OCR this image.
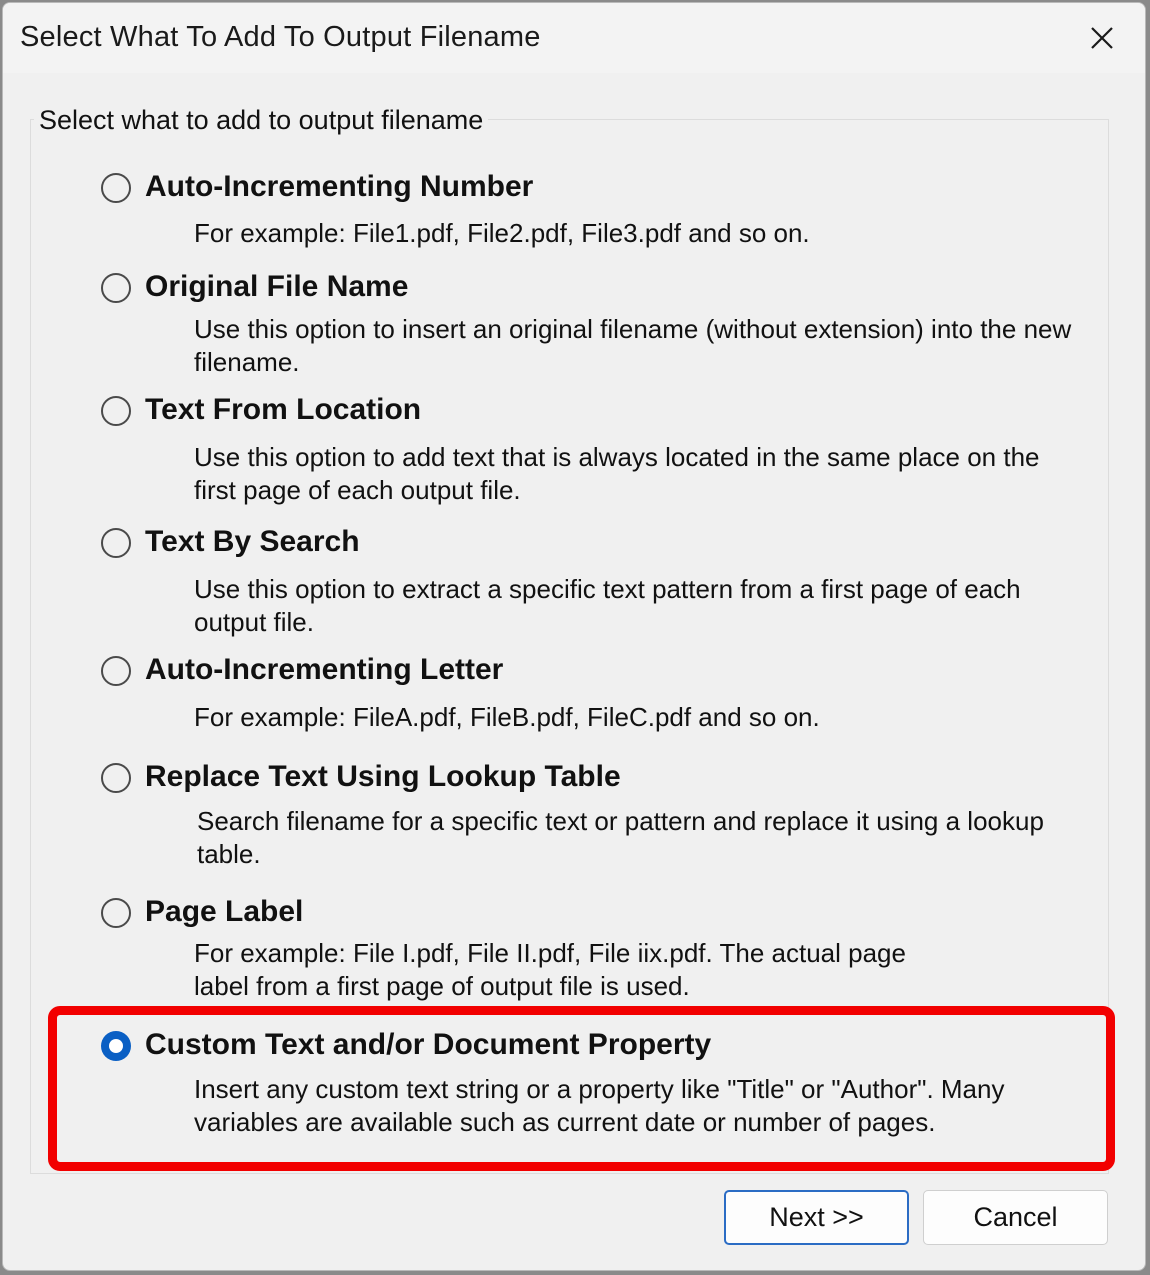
Select What To Add To Output Filename
Select what to add to output filename
Auto-Incrementing Number
For example: File1.pdf, File2.pdf, File3.pdf and so on.
Original File Name
Use this option to insert an original filename (without extension) into the new filename.
Text From Location
Use this option to add text that is always located in the same place on the first page of each output file.
Text By Search
Use this option to extract a specific text pattern from a first page of each output file.
Auto-Incrementing Letter
For example: FileA.pdf, FileB.pdf, FileC.pdf and so on.
Replace Text Using Lookup Table
Search filename for a specific text or pattern and replace it using a lookup table.
Page Label
For example: File I.pdf, File II.pdf, File iix.pdf. The actual page label from a first page of output file is used.
Custom Text and/or Document Property
Insert any custom text string or a property like "Title" or "Author". Many variables are available such as current date or number of pages.
Next >>	Cancel
